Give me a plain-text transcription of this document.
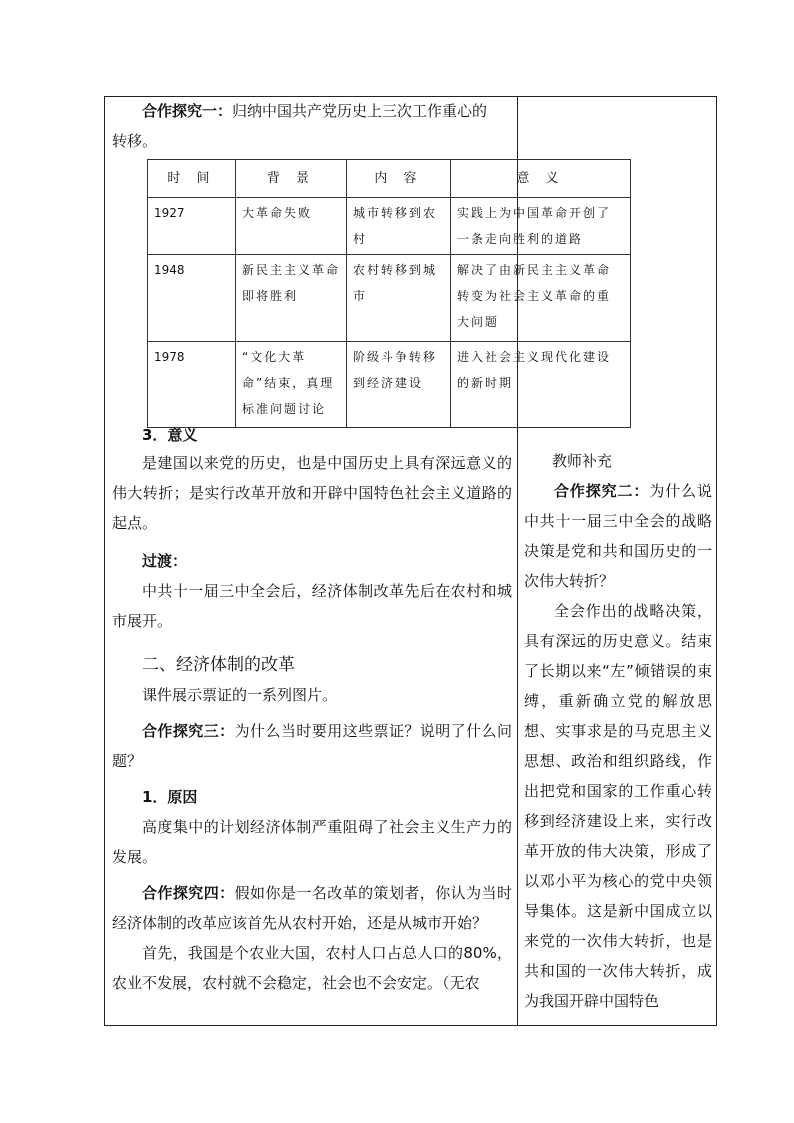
合作探究一：归纳中国共产党历史上三次工作重心的

转移。

时 间	背 景	内 容	意 义
1927	大革命失败	城市转移到农村	实践上为中国革命开创了一条走向胜利的道路
1948	新民主主义革命即将胜利	农村转移到城市	解决了由新民主主义革命转变为社会主义革命的重大问题
1978	“文化大革命”结束，真理标准问题讨论	阶级斗争转移到经济建设	进入社会主义现代化建设的新时期

3．意义

是建国以来党的历史，也是中国历史上具有深远意义的伟大转折；是实行改革开放和开辟中国特色社会主义道路的起点。

过渡：

中共十一届三中全会后，经济体制改革先后在农村和城市展开。

二、经济体制的改革

课件展示票证的一系列图片。

合作探究三：为什么当时要用这些票证？说明了什么问题？

1．原因

高度集中的计划经济体制严重阻碍了社会主义生产力的发展。

合作探究四：假如你是一名改革的策划者，你认为当时经济体制的改革应该首先从农村开始，还是从城市开始？

首先，我国是个农业大国，农村人口占总人口的80%，农业不发展，农村就不会稳定，社会也不会安定。（无农

教师补充

合作探究二：为什么说中共十一届三中全会的战略决策是党和共和国历史的一次伟大转折？

全会作出的战略决策，具有深远的历史意义。结束了长期以来“左”倾错误的束缚，重新确立党的解放思想、实事求是的马克思主义思想、政治和组织路线，作出把党和国家的工作重心转移到经济建设上来，实行改革开放的伟大决策，形成了以邓小平为核心的党中央领导集体。这是新中国成立以来党的一次伟大转折，也是共和国的一次伟大转折，成为我国开辟中国特色
